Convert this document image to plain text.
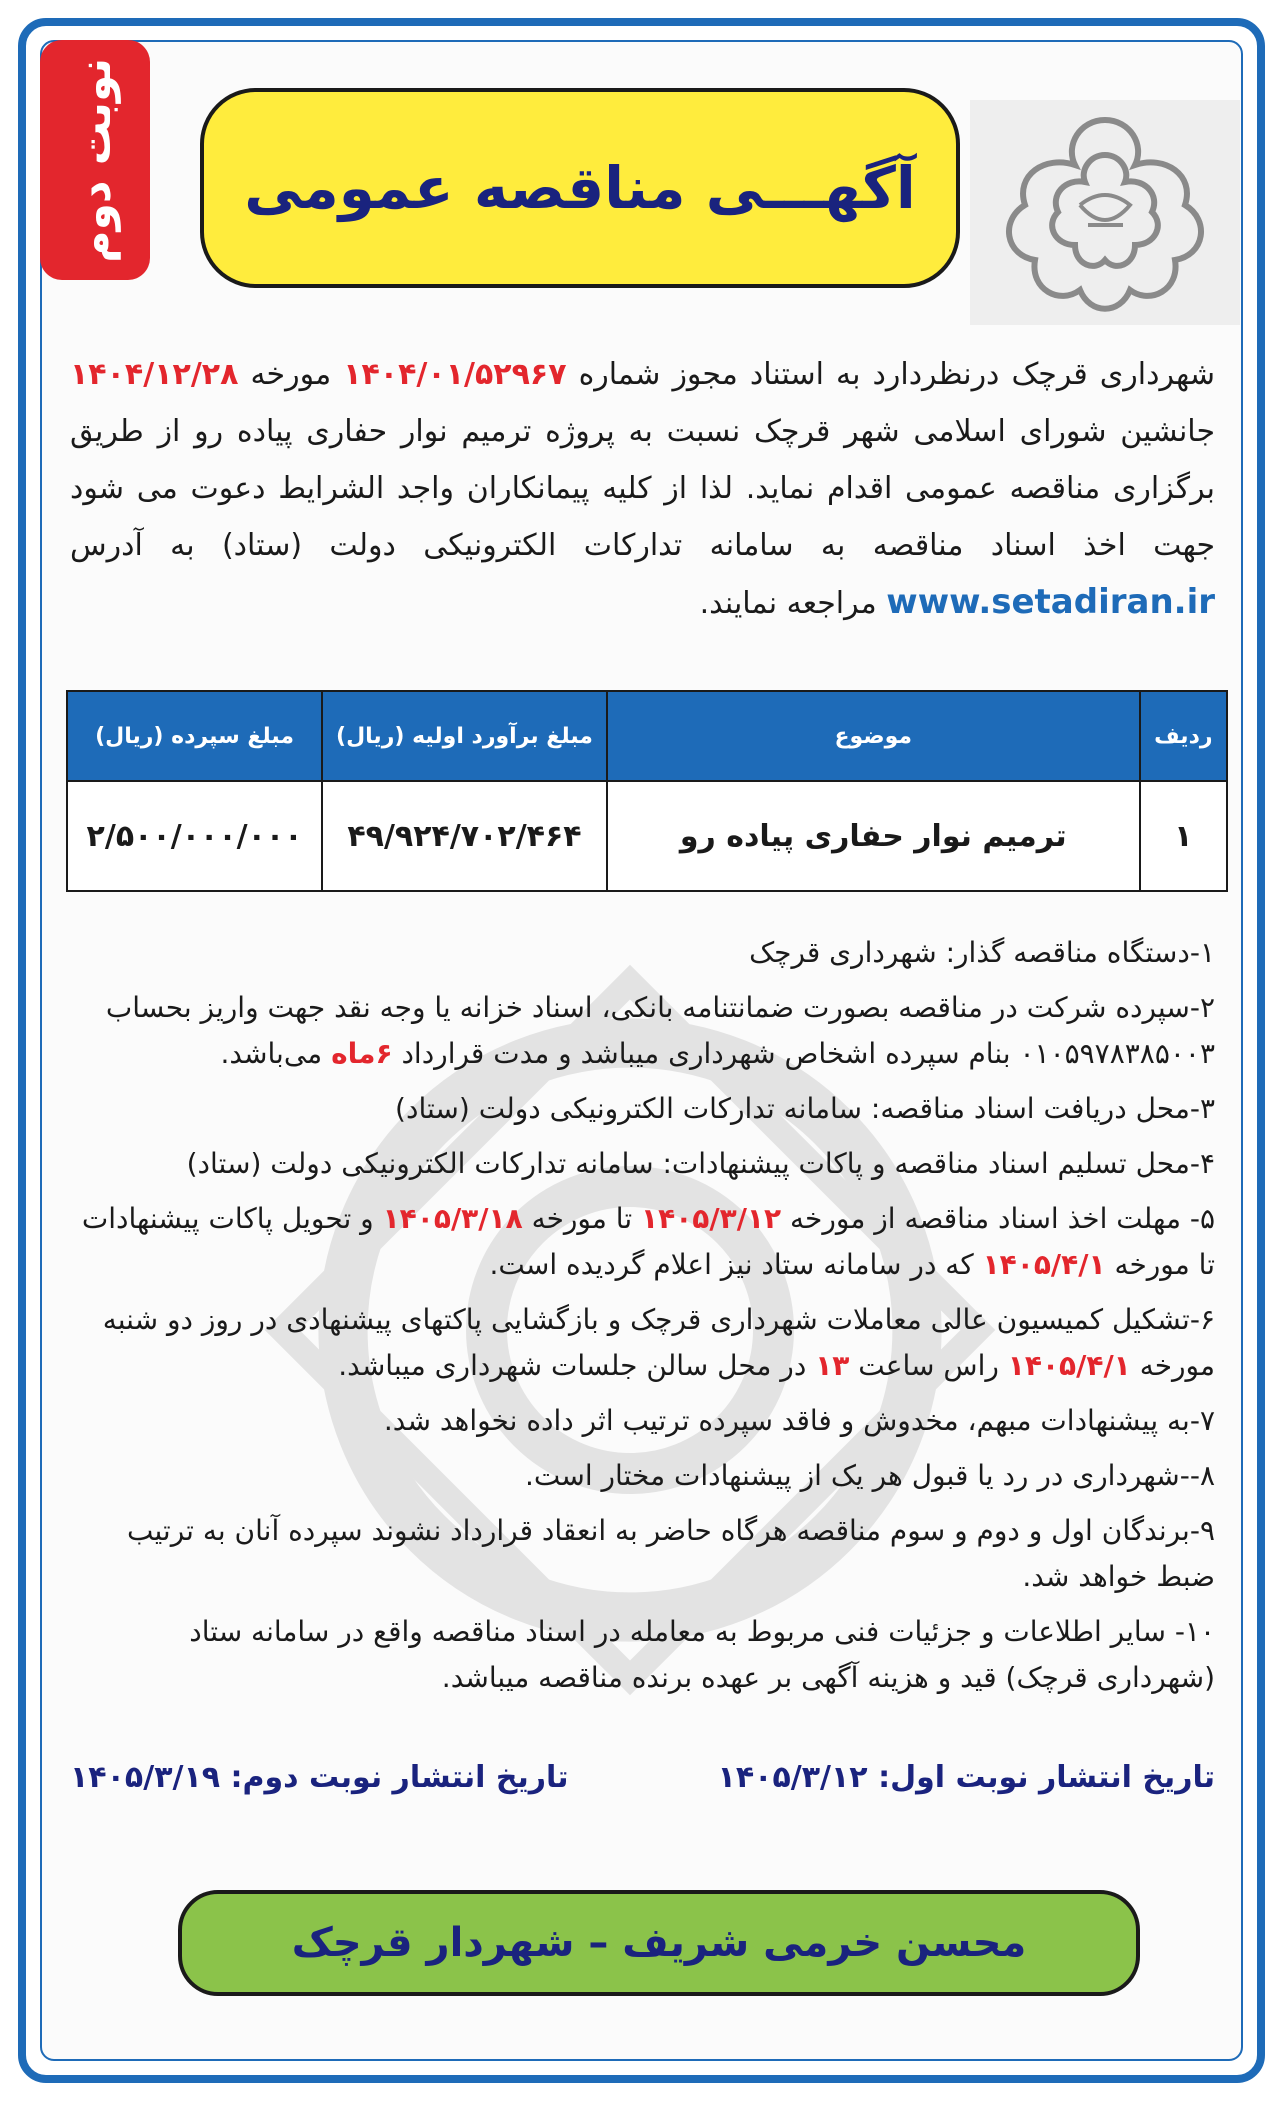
نوبت دوم آگهـــی مناقصه عمومی
شهرداری قرچک درنظردارد به استناد مجوز شماره ۱۴۰۴/۰۱/۵۲۹۶۷ مورخه ۱۴۰۴/۱۲/۲۸ جانشین شورای اسلامی شهر قرچک نسبت به پروژه ترمیم نوار حفاری پیاده رو از طریق برگزاری مناقصه عمومی اقدام نماید. لذا از کلیه پیمانکاران واجد الشرایط دعوت می شود جهت اخذ اسناد مناقصه به سامانه تدارکات الکترونیکی دولت (ستاد) به آدرس www.setadiran.ir مراجعه نمایند.
ردیف	موضوع	مبلغ برآورد اولیه (ریال)	مبلغ سپرده (ریال)
۱	ترمیم نوار حفاری پیاده رو	۴۹/۹۲۴/۷۰۲/۴۶۴	۲/۵۰۰/۰۰۰/۰۰۰

۱-دستگاه مناقصه گذار: شهرداری قرچک

۲-سپرده شرکت در مناقصه بصورت ضمانتنامه بانکی، اسناد خزانه یا وجه نقد جهت واریز بحساب ۰۱۰۵۹۷۸۳۸۵۰۰۳ بنام سپرده اشخاص شهرداری میباشد و مدت قرارداد ۶ماه می‌باشد.

۳-محل دریافت اسناد مناقصه: سامانه تدارکات الکترونیکی دولت (ستاد)

۴-محل تسلیم اسناد مناقصه و پاکات پیشنهادات: سامانه تدارکات الکترونیکی دولت (ستاد)

۵- مهلت اخذ اسناد مناقصه از مورخه ۱۴۰۵/۳/۱۲ تا مورخه ۱۴۰۵/۳/۱۸ و تحویل پاکات پیشنهادات تا مورخه ۱۴۰۵/۴/۱ که در سامانه ستاد نیز اعلام گردیده است.

۶-تشکیل کمیسیون عالی معاملات شهرداری قرچک و بازگشایی پاکتهای پیشنهادی در روز دو شنبه مورخه ۱۴۰۵/۴/۱ راس ساعت ۱۳ در محل سالن جلسات شهرداری میباشد.

۷-به پیشنهادات مبهم، مخدوش و فاقد سپرده ترتیب اثر داده نخواهد شد.

۸--شهرداری در رد یا قبول هر یک از پیشنهادات مختار است.

۹-برندگان اول و دوم و سوم مناقصه هرگاه حاضر به انعقاد قرارداد نشوند سپرده آنان به ترتیب ضبط خواهد شد.

۱۰- سایر اطلاعات و جزئیات فنی مربوط به معامله در اسناد مناقصه واقع در سامانه ستاد (شهرداری قرچک) قید و هزینه آگهی بر عهده برنده مناقصه میباشد.

تاریخ انتشار نوبت اول: ۱۴۰۵/۳/۱۲
تاریخ انتشار نوبت دوم: ۱۴۰۵/۳/۱۹
محسن خرمی شریف – شهردار قرچک
